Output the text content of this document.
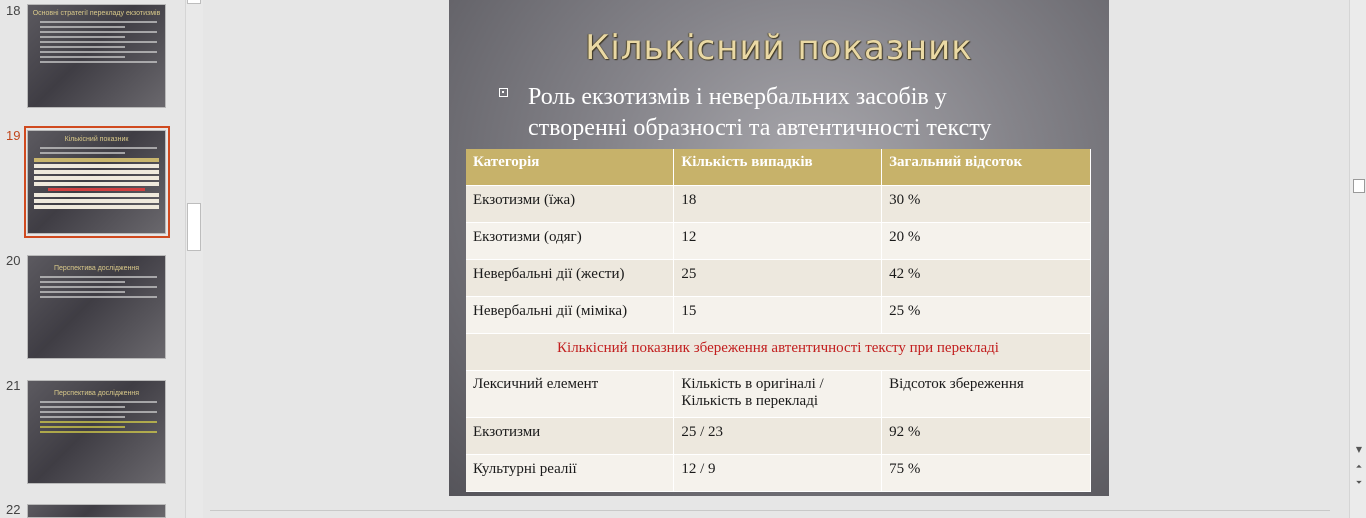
18	Основні стратегії перекладу екзотизмів
19	Кількісний показник
20
Перспектива дослідження
21
Перспектива дослідження
22
Кількісний показник
Роль екзотизмів і невербальних засобів у створенні образності та автентичності тексту
Категорія	Кількість випадків	Загальний відсоток
Екзотизми (їжа)	18	30 %
Екзотизми (одяг)	12	20 %
Невербальні дії (жести)	25	42 %
Невербальні дії (міміка)	15	25 %
Кількісний показник збереження автентичності тексту при перекладі		
Лексичний елемент	Кількість в оригіналі / Кількість в перекладі	Відсоток збереження
Екзотизми	25 / 23	92 %
Культурні реалії	12 / 9	75 %
▼
⏶
⏷
